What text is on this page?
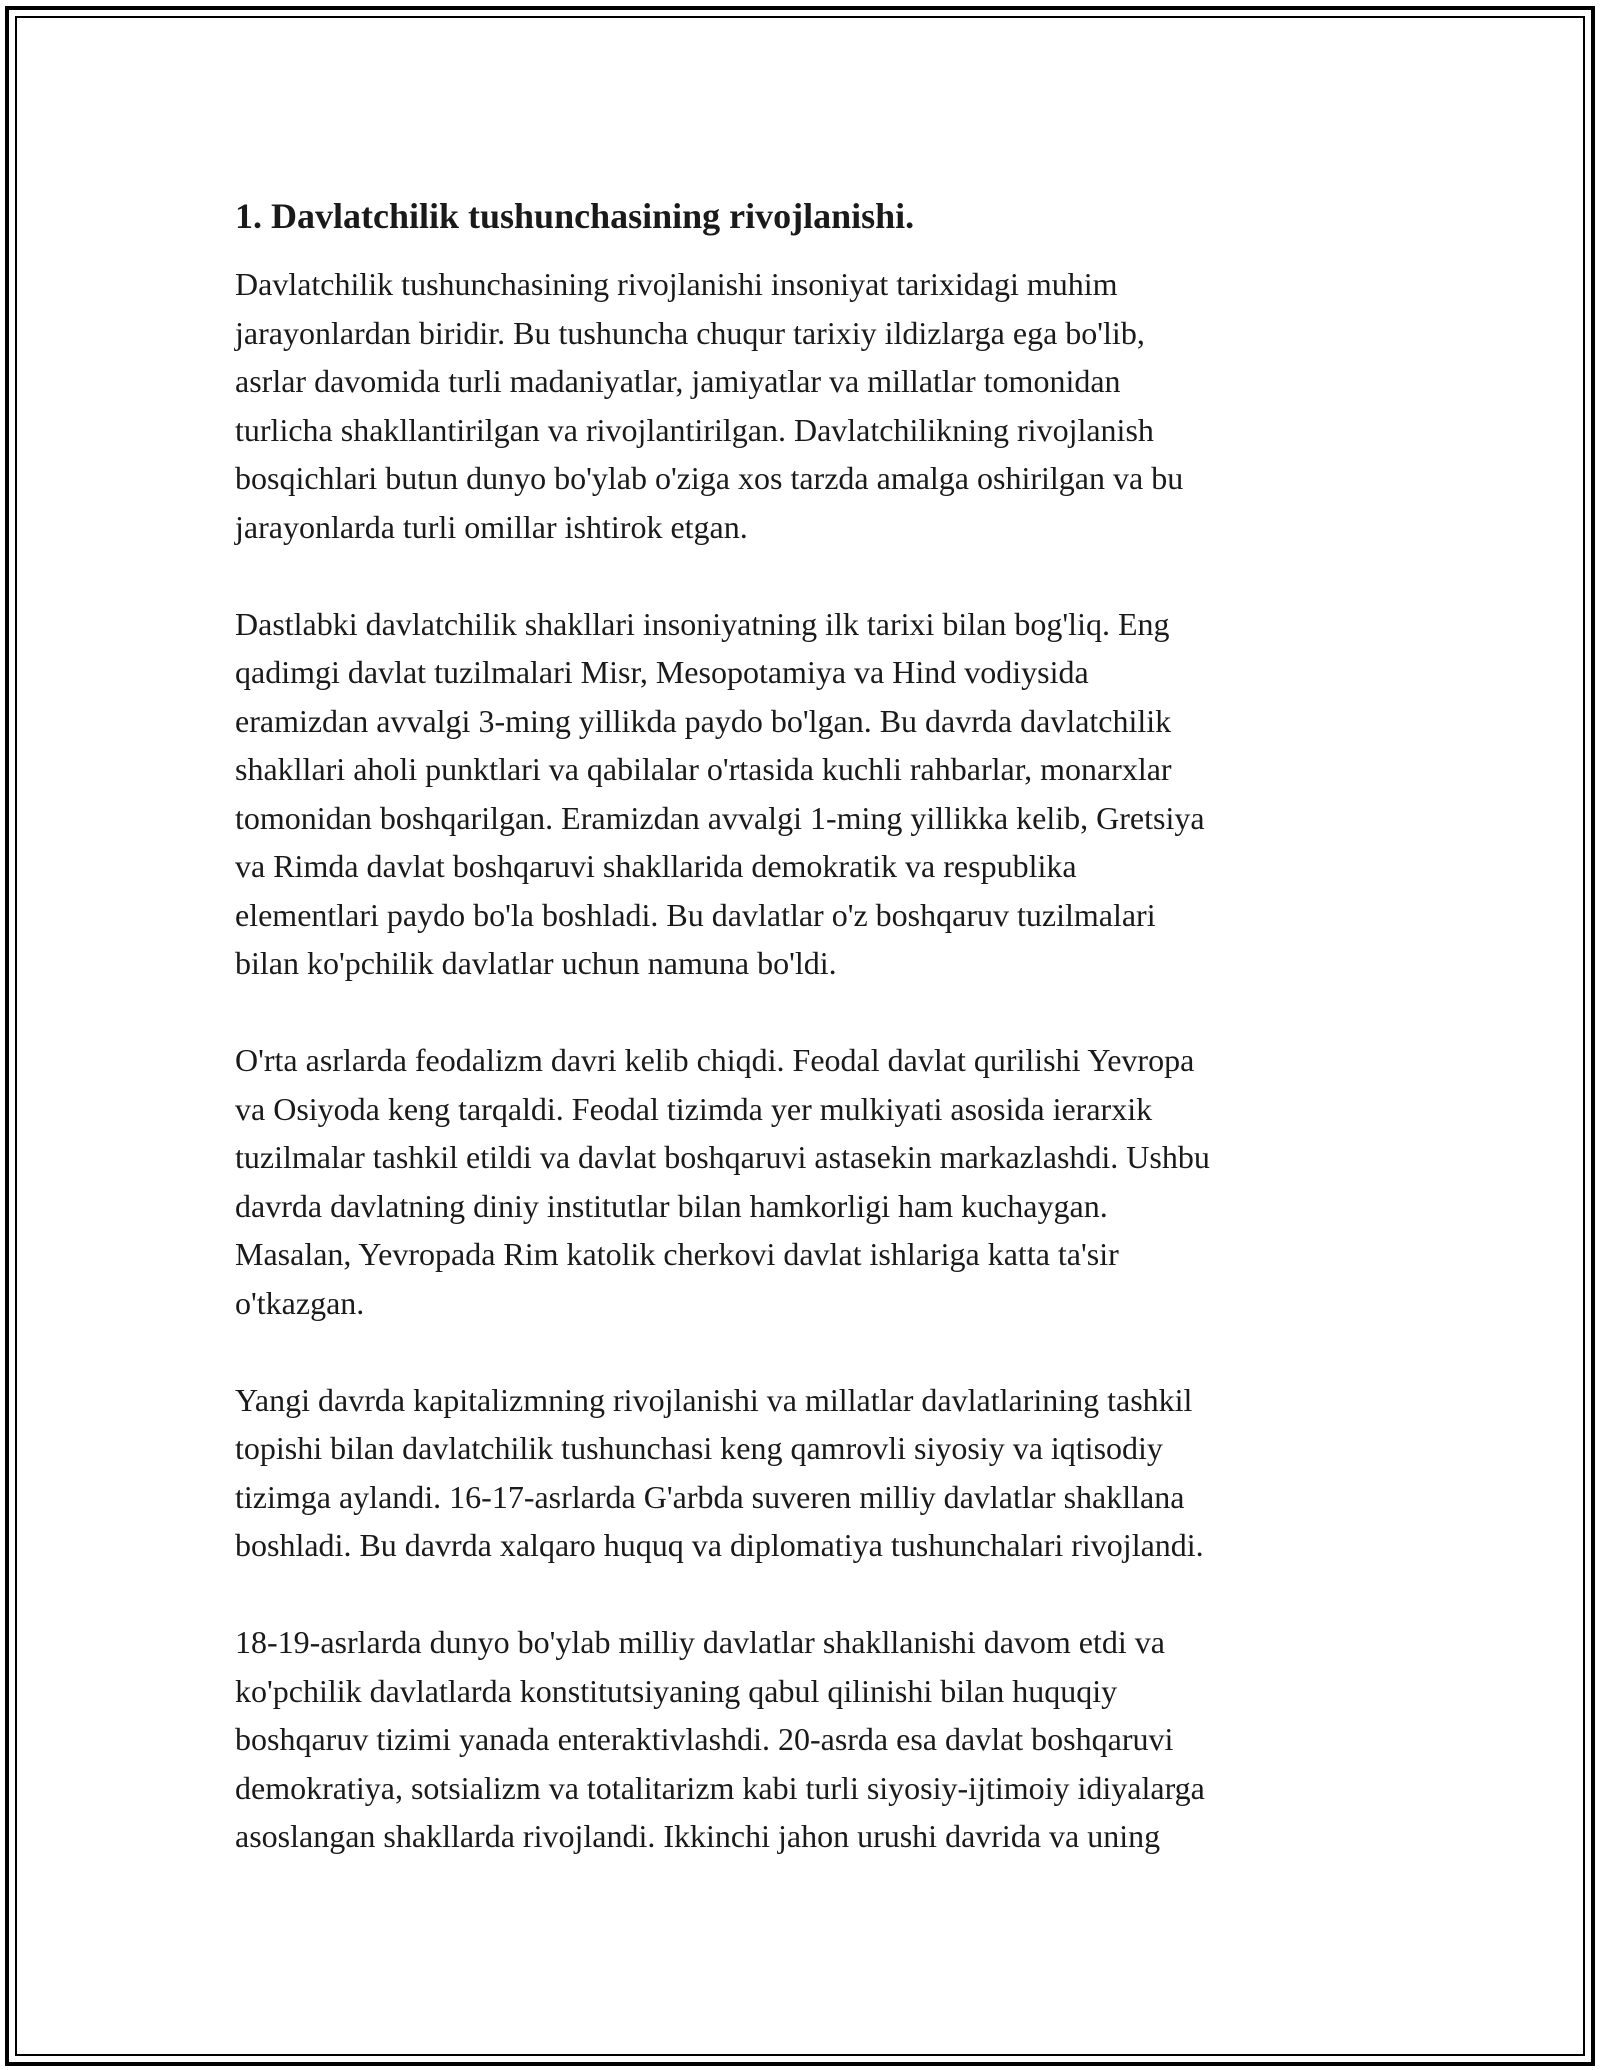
1. Davlatchilik tushunchasining rivojlanishi.

Davlatchilik tushunchasining rivojlanishi insoniyat tarixidagi muhim
jarayonlardan biridir. Bu tushuncha chuqur tarixiy ildizlarga ega bo'lib,
asrlar davomida turli madaniyatlar, jamiyatlar va millatlar tomonidan
turlicha shakllantirilgan va rivojlantirilgan. Davlatchilikning rivojlanish
bosqichlari butun dunyo bo'ylab o'ziga xos tarzda amalga oshirilgan va bu
jarayonlarda turli omillar ishtirok etgan.

Dastlabki davlatchilik shakllari insoniyatning ilk tarixi bilan bog'liq. Eng
qadimgi davlat tuzilmalari Misr, Mesopotamiya va Hind vodiysida
eramizdan avvalgi 3-ming yillikda paydo bo'lgan. Bu davrda davlatchilik
shakllari aholi punktlari va qabilalar o'rtasida kuchli rahbarlar, monarxlar
tomonidan boshqarilgan. Eramizdan avvalgi 1-ming yillikka kelib, Gretsiya
va Rimda davlat boshqaruvi shakllarida demokratik va respublika
elementlari paydo bo'la boshladi. Bu davlatlar o'z boshqaruv tuzilmalari
bilan ko'pchilik davlatlar uchun namuna bo'ldi.

O'rta asrlarda feodalizm davri kelib chiqdi. Feodal davlat qurilishi Yevropa
va Osiyoda keng tarqaldi. Feodal tizimda yer mulkiyati asosida ierarxik
tuzilmalar tashkil etildi va davlat boshqaruvi astasekin markazlashdi. Ushbu
davrda davlatning diniy institutlar bilan hamkorligi ham kuchaygan.
Masalan, Yevropada Rim katolik cherkovi davlat ishlariga katta ta'sir
o'tkazgan.

Yangi davrda kapitalizmning rivojlanishi va millatlar davlatlarining tashkil
topishi bilan davlatchilik tushunchasi keng qamrovli siyosiy va iqtisodiy
tizimga aylandi. 16-17-asrlarda G'arbda suveren milliy davlatlar shakllana
boshladi. Bu davrda xalqaro huquq va diplomatiya tushunchalari rivojlandi.

18-19-asrlarda dunyo bo'ylab milliy davlatlar shakllanishi davom etdi va
ko'pchilik davlatlarda konstitutsiyaning qabul qilinishi bilan huquqiy
boshqaruv tizimi yanada enteraktivlashdi. 20-asrda esa davlat boshqaruvi
demokratiya, sotsializm va totalitarizm kabi turli siyosiy-ijtimoiy idiyalarga
asoslangan shakllarda rivojlandi. Ikkinchi jahon urushi davrida va uning
